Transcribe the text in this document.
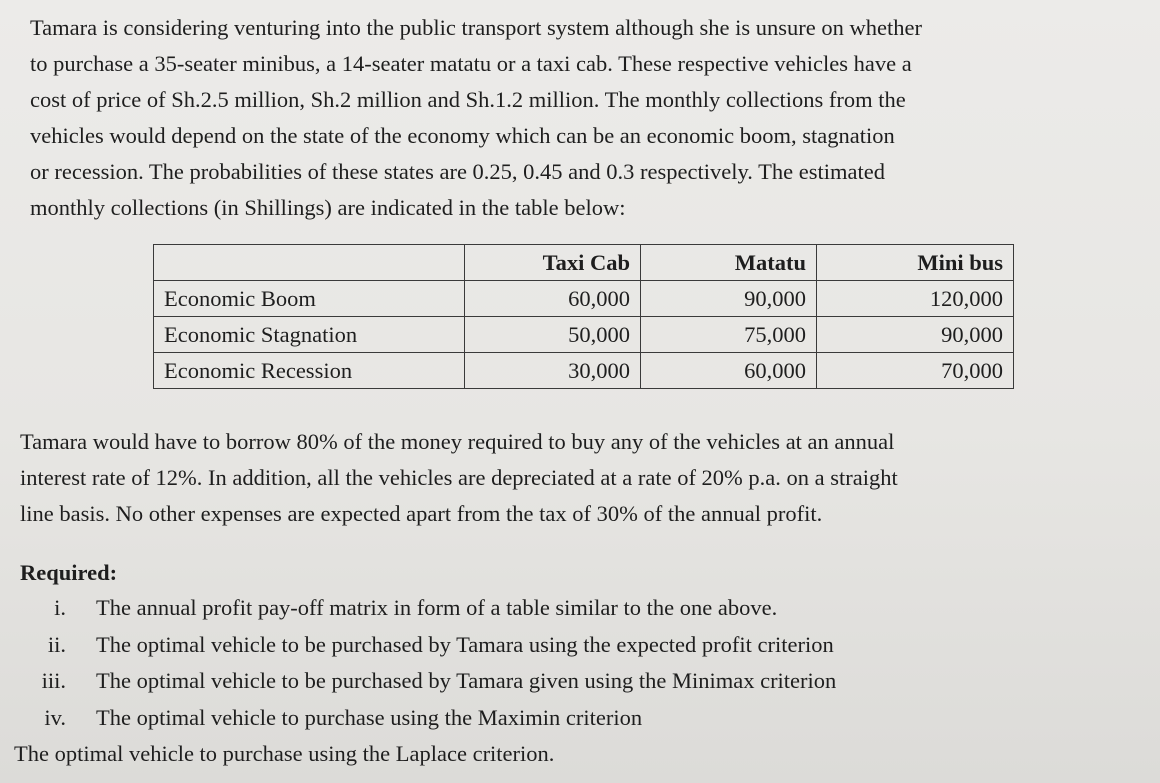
Tamara is considering venturing into the public transport system although she is unsure on whether
to purchase a 35-seater minibus, a 14-seater matatu or a taxi cab. These respective vehicles have a
cost of price of Sh.2.5 million, Sh.2 million and Sh.1.2 million. The monthly collections from the
vehicles would depend on the state of the economy which can be an economic boom, stagnation
or recession. The probabilities of these states are 0.25, 0.45 and 0.3 respectively. The estimated
monthly collections (in Shillings) are indicated in the table below:
	Taxi Cab	Matatu	Mini bus
Economic Boom	60,000	90,000	120,000
Economic Stagnation	50,000	75,000	90,000
Economic Recession	30,000	60,000	70,000
Tamara would have to borrow 80% of the money required to buy any of the vehicles at an annual
interest rate of 12%. In addition, all the vehicles are depreciated at a rate of 20% p.a. on a straight
line basis. No other expenses are expected apart from the tax of 30% of the annual profit.
Required:
i. The annual profit pay-off matrix in form of a table similar to the one above.
ii. The optimal vehicle to be purchased by Tamara using the expected profit criterion
iii. The optimal vehicle to be purchased by Tamara given using the Minimax criterion
iv. The optimal vehicle to purchase using the Maximin criterion
The optimal vehicle to purchase using the Laplace criterion.
